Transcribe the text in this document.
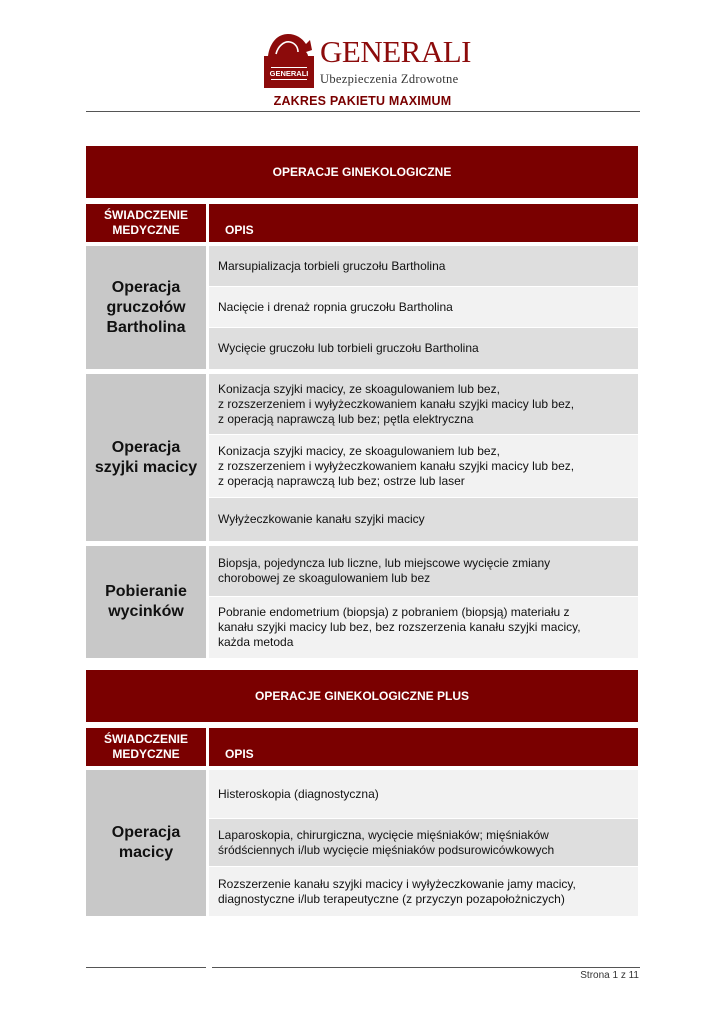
GENERALI
GENERALI
Ubezpieczenia Zdrowotne
ZAKRES PAKIETU MAXIMUM
OPERACJE GINEKOLOGICZNE
ŚWIADCZENIE MEDYCZNE	OPIS
Operacja gruczołów Bartholina
Marsupializacja torbieli gruczołu Bartholina
Nacięcie i drenaż ropnia gruczołu Bartholina
Wycięcie gruczołu lub torbieli gruczołu Bartholina
Operacja szyjki macicy
Konizacja szyjki macicy, ze skoagulowaniem lub bez,
z rozszerzeniem i wyłyżeczkowaniem kanału szyjki macicy lub bez,
z operacją naprawczą lub bez; pętla elektryczna
Konizacja szyjki macicy, ze skoagulowaniem lub bez,
z rozszerzeniem i wyłyżeczkowaniem kanału szyjki macicy lub bez,
z operacją naprawczą lub bez; ostrze lub laser
Wyłyżeczkowanie kanału szyjki macicy
Pobieranie wycinków
Biopsja, pojedyncza lub liczne, lub miejscowe wycięcie zmiany
chorobowej ze skoagulowaniem lub bez
Pobranie endometrium (biopsja) z pobraniem (biopsją) materiału z
kanału szyjki macicy lub bez, bez rozszerzenia kanału szyjki macicy,
każda metoda
OPERACJE GINEKOLOGICZNE PLUS
ŚWIADCZENIE MEDYCZNE	OPIS
Operacja macicy
Histeroskopia (diagnostyczna)
Laparoskopia, chirurgiczna, wycięcie mięśniaków; mięśniaków
śródściennych i/lub wycięcie mięśniaków podsurowicówkowych
Rozszerzenie kanału szyjki macicy i wyłyżeczkowanie jamy macicy,
diagnostyczne i/lub terapeutyczne (z przyczyn pozapołożniczych)
Strona 1 z 11
